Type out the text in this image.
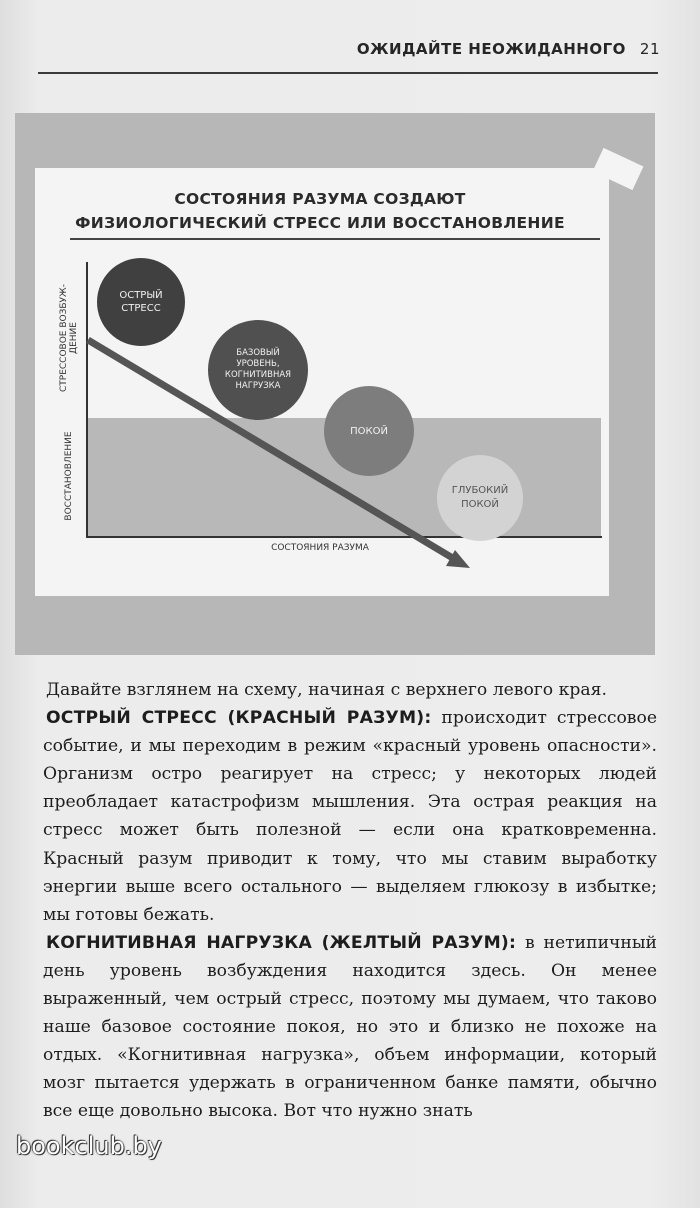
ОЖИДАЙТЕ НЕОЖИДАННОГО 21
СОСТОЯНИЯ РАЗУМА СОЗДАЮТ
ФИЗИОЛОГИЧЕСКИЙ СТРЕСС ИЛИ ВОССТАНОВЛЕНИЕ
СТРЕССОВОЕ ВОЗБУЖ-
ДЕНИЕ
ВОССТАНОВЛЕНИЕ
СОСТОЯНИЯ РАЗУМА
ОСТРЫЙ
СТРЕСС
БАЗОВЫЙ
УРОВЕНЬ,
КОГНИТИВНАЯ
НАГРУЗКА
ПОКОЙ
ГЛУБОКИЙ
ПОКОЙ

Давайте взглянем на схему, начиная с верхнего левого края.

ОСТРЫЙ СТРЕСС (КРАСНЫЙ РАЗУМ): происходит стрессовое событие, и мы переходим в режим «красный уровень опасности». Организм остро реагирует на стресс; у некоторых людей преобладает катастрофизм мышления. Эта острая реакция на стресс может быть полезной — если она кратковременна. Красный разум приводит к тому, что мы ставим выработку энергии выше всего остального — выделяем глюкозу в избытке; мы готовы бежать.

КОГНИТИВНАЯ НАГРУЗКА (ЖЕЛТЫЙ РАЗУМ): в нетипичный день уровень возбуждения находится здесь. Он менее выраженный, чем острый стресс, поэтому мы думаем, что таково наше базовое состояние покоя, но это и близко не похоже на отдых. «Когнитивная нагрузка», объем информации, который мозг пытается удержать в ограниченном банке памяти, обычно все еще довольно высока. Вот что нужно знать

bookclub.by
